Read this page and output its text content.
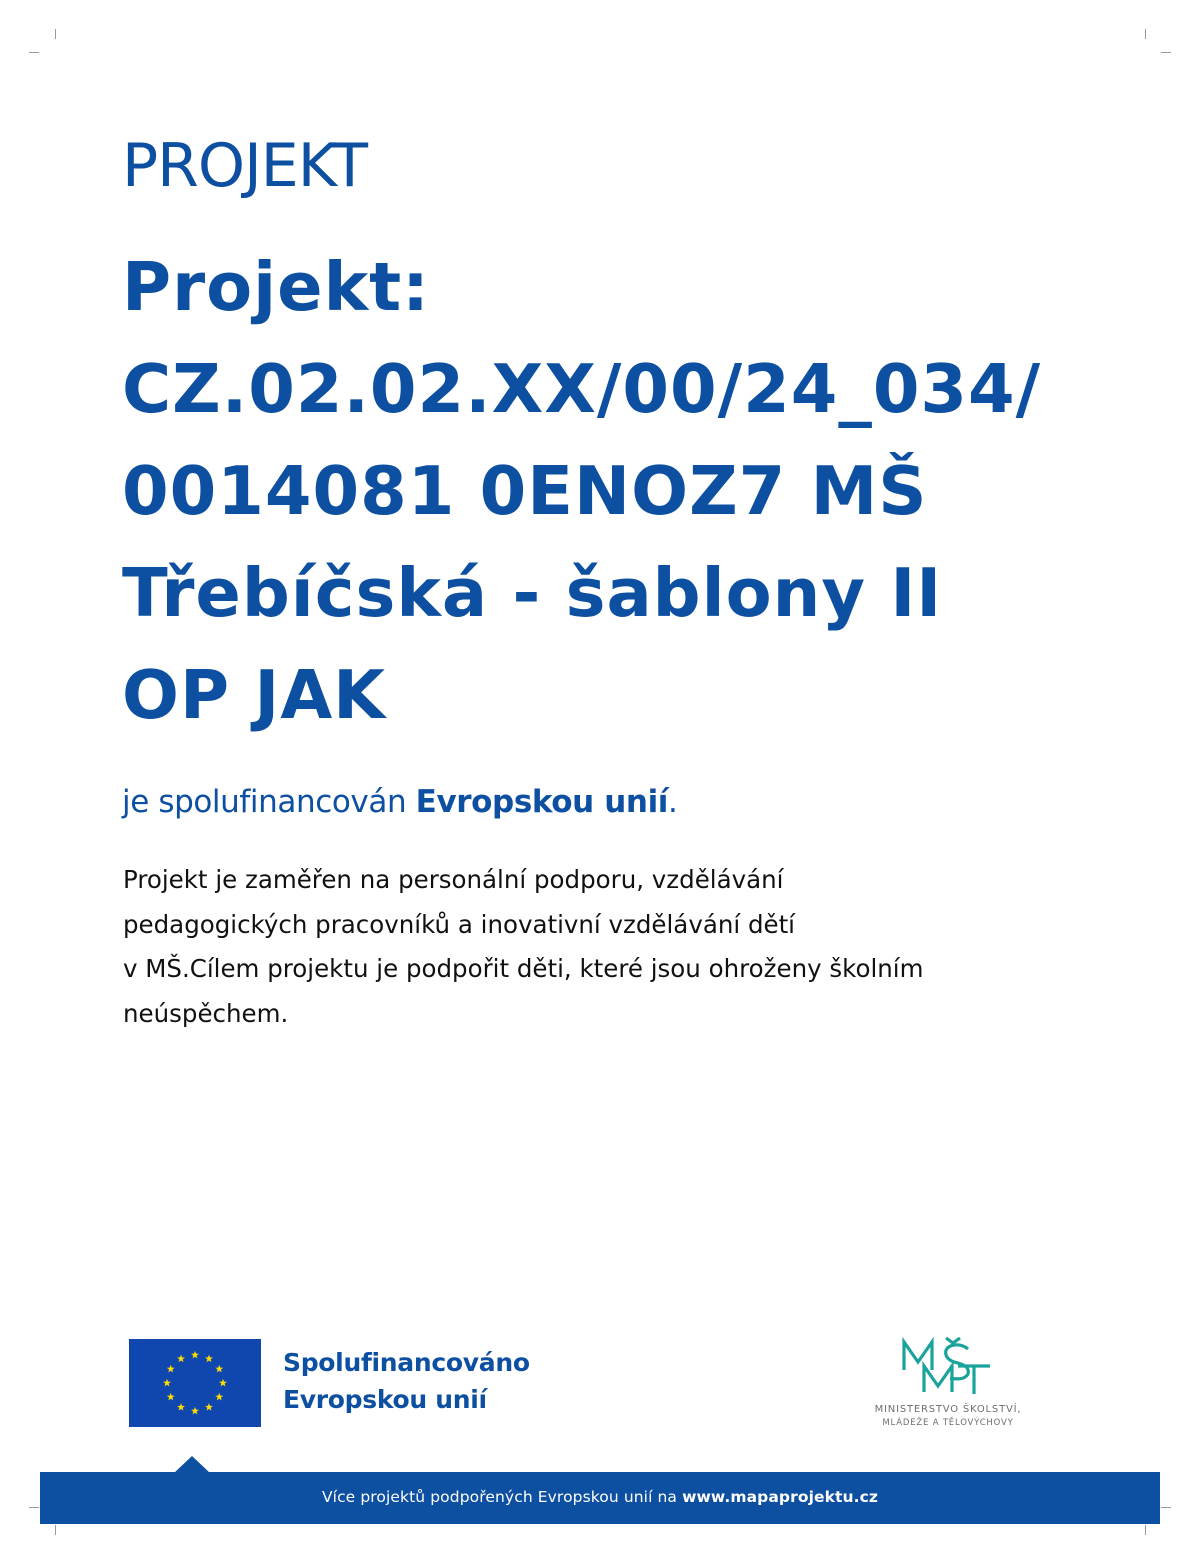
PROJEKT
Projekt:
CZ.02.02.XX/00/24_034/
0014081 0ENOZ7 MŠ
Třebíčská - šablony II
OP JAK
je spolufinancován Evropskou unií.

Projekt je zaměřen na personální podporu, vzdělávání
pedagogických pracovníků a inovativní vzdělávání dětí
v MŠ.Cílem projektu je podpořit děti, které jsou ohroženy školním
neúspěchem.

Spolufinancováno
Evropskou unií	MINISTERSTVO ŠKOLSTVÍ,
MLÁDEŽE A TĚLOVÝCHOVY
Více projektů podpořených Evropskou unií na www.mapaprojektu.cz
